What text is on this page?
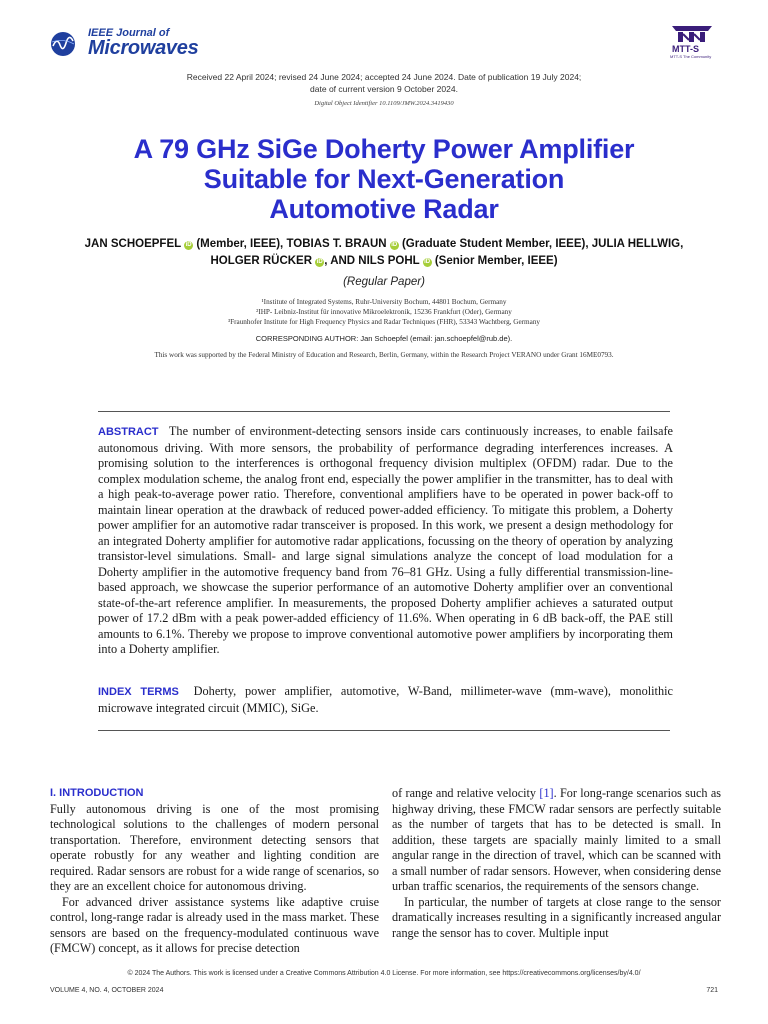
IEEE Journal of
Microwaves	MTT-S
MTT-S The Community
Received 22 April 2024; revised 24 June 2024; accepted 24 June 2024. Date of publication 19 July 2024;
date of current version 9 October 2024.
Digital Object Identifier 10.1109/JMW.2024.3419430
A 79 GHz SiGe Doherty Power Amplifier
Suitable for Next-Generation
Automotive Radar
JAN SCHOEPFEL iD (Member, IEEE), TOBIAS T. BRAUN iD (Graduate Student Member, IEEE), JULIA HELLWIG,
HOLGER RÜCKER iD , AND NILS POHL iD (Senior Member, IEEE)
(Regular Paper)
¹Institute of Integrated Systems, Ruhr-University Bochum, 44801 Bochum, Germany
²IHP- Leibniz-Institut für innovative Mikroelektronik, 15236 Frankfurt (Oder), Germany
³Fraunhofer Institute for High Frequency Physics and Radar Techniques (FHR), 53343 Wachtberg, Germany
CORRESPONDING AUTHOR: Jan Schoepfel (email: jan.schoepfel@rub.de).
This work was supported by the Federal Ministry of Education and Research, Berlin, Germany, within the Research Project VERANO under Grant 16ME0793.
ABSTRACT The number of environment-detecting sensors inside cars continuously increases, to enable failsafe autonomous driving. With more sensors, the probability of performance degrading interferences increases. A promising solution to the interferences is orthogonal frequency division multiplex (OFDM) radar. Due to the complex modulation scheme, the analog front end, especially the power amplifier in the transmitter, has to deal with a high peak-to-average power ratio. Therefore, conventional amplifiers have to be operated in power back-off to maintain linear operation at the drawback of reduced power-added efficiency. To mitigate this problem, a Doherty power amplifier for an automotive radar transceiver is proposed. In this work, we present a design methodology for an integrated Doherty amplifier for automotive radar applications, focussing on the theory of operation by analyzing transistor-level simulations. Small- and large signal simulations analyze the concept of load modulation for a Doherty amplifier in the automotive frequency band from 76–81 GHz. Using a fully differential transmission-line-based approach, we showcase the superior performance of an automotive Doherty amplifier over an conventional state-of-the-art reference amplifier. In measurements, the proposed Doherty amplifier achieves a saturated output power of 17.2 dBm with a peak power-added efficiency of 11.6%. When operating in 6 dB back-off, the PAE still amounts to 6.1%. Thereby we propose to improve conventional automotive power amplifiers by incorporating them into a Doherty amplifier.
INDEX TERMS Doherty, power amplifier, automotive, W-Band, millimeter-wave (mm-wave), monolithic microwave integrated circuit (MMIC), SiGe.
I. INTRODUCTION

Fully autonomous driving is one of the most promising technological solutions to the challenges of modern personal transportation. Therefore, environment detecting sensors that operate robustly for any weather and lighting condition are required. Radar sensors are robust for a wide range of scenarios, so they are an excellent choice for autonomous driving.

For advanced driver assistance systems like adaptive cruise control, long-range radar is already used in the mass market. These sensors are based on the frequency-modulated continuous wave (FMCW) concept, as it allows for precise detection

of range and relative velocity [1]. For long-range scenarios such as highway driving, these FMCW radar sensors are perfectly suitable as the number of targets that has to be detected is small. In addition, these targets are spacially mainly limited to a small angular range in the direction of travel, which can be scanned with a small number of radar sensors. However, when considering dense urban traffic scenarios, the requirements of the sensors change.

In particular, the number of targets at close range to the sensor dramatically increases resulting in a significantly increased angular range the sensor has to cover. Multiple input

© 2024 The Authors. This work is licensed under a Creative Commons Attribution 4.0 License. For more information, see https://creativecommons.org/licenses/by/4.0/
VOLUME 4, NO. 4, OCTOBER 2024	721
